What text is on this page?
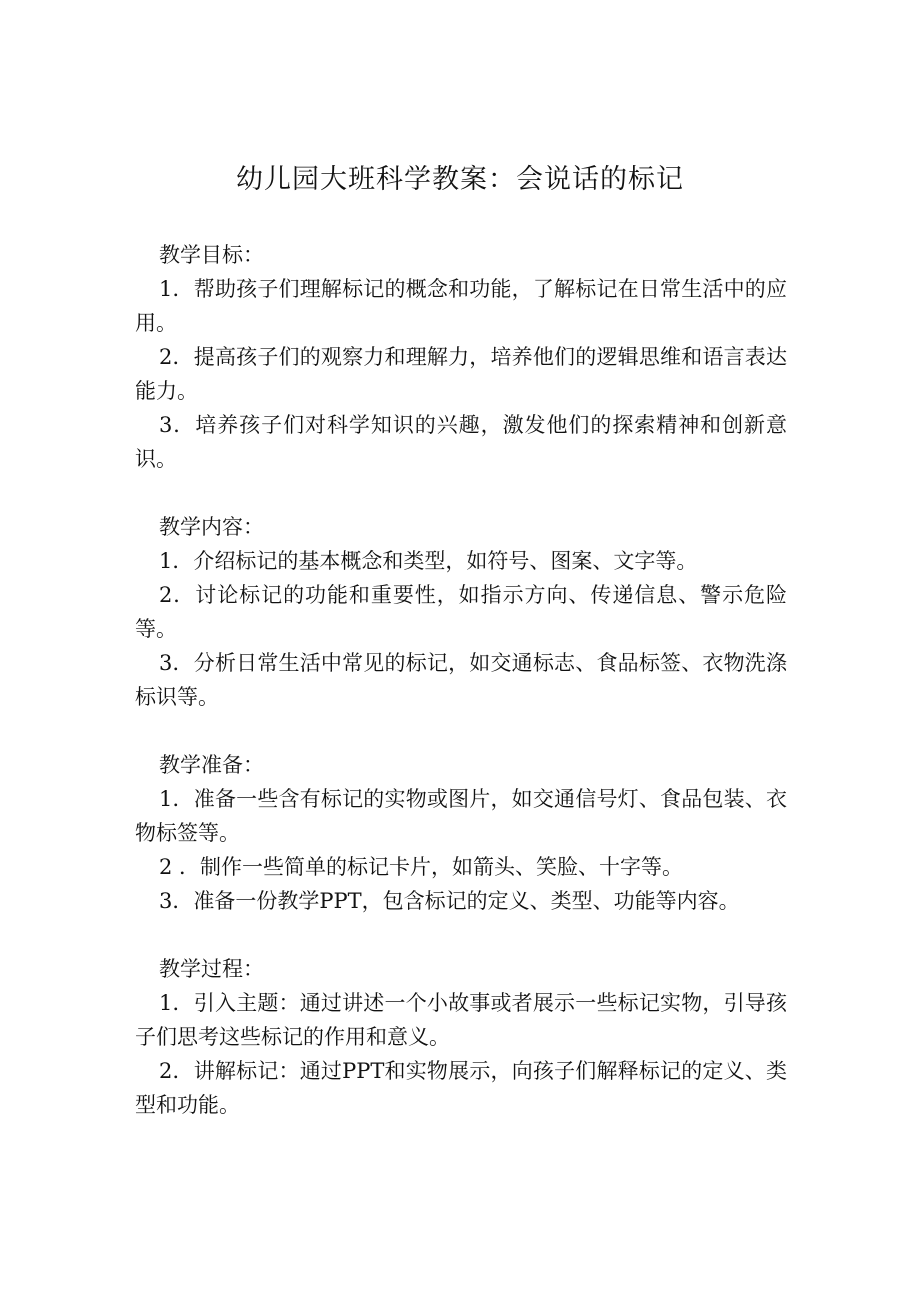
幼儿园大班科学教案：会说话的标记
教学目标：
1．帮助孩子们理解标记的概念和功能，了解标记在日常生活中的应用。
2．提高孩子们的观察力和理解力，培养他们的逻辑思维和语言表达能力。
3．培养孩子们对科学知识的兴趣，激发他们的探索精神和创新意识。
教学内容：
1．介绍标记的基本概念和类型，如符号、图案、文字等。
2．讨论标记的功能和重要性，如指示方向、传递信息、警示危险等。
3．分析日常生活中常见的标记，如交通标志、食品标签、衣物洗涤标识等。
教学准备：
1．准备一些含有标记的实物或图片，如交通信号灯、食品包装、衣物标签等。
2 ．制作一些简单的标记卡片，如箭头、笑脸、十字等。
3．准备一份教学PPT，包含标记的定义、类型、功能等内容。
教学过程：
1．引入主题：通过讲述一个小故事或者展示一些标记实物，引导孩子们思考这些标记的作用和意义。
2．讲解标记：通过PPT和实物展示，向孩子们解释标记的定义、类型和功能。
